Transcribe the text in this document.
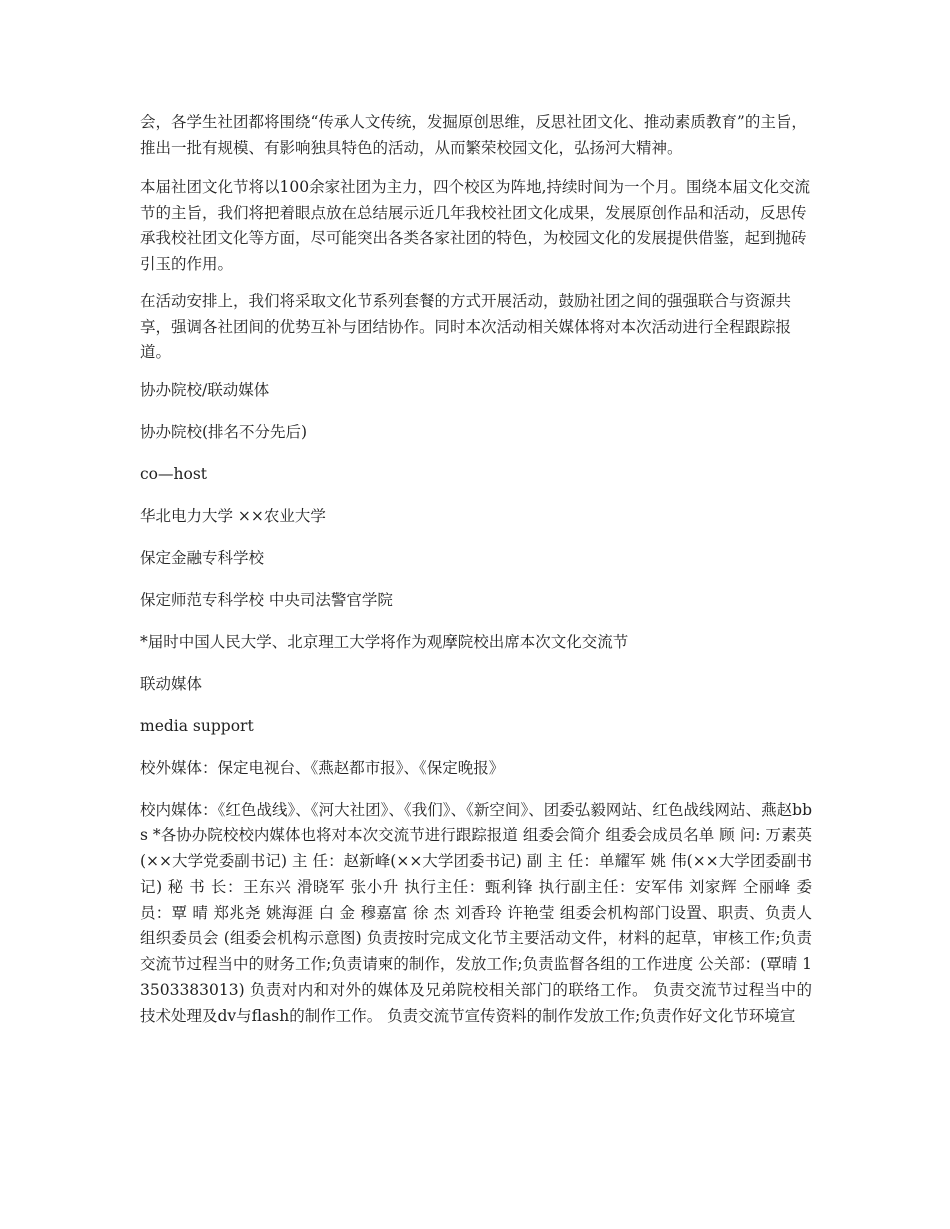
会，各学生社团都将围绕“传承人文传统，发掘原创思维，反思社团文化、推动素质教育”的主旨，推出一批有规模、有影响独具特色的活动，从而繁荣校园文化，弘扬河大精神。

本届社团文化节将以100余家社团为主力，四个校区为阵地,持续时间为一个月。围绕本届文化交流节的主旨，我们将把着眼点放在总结展示近几年我校社团文化成果，发展原创作品和活动，反思传承我校社团文化等方面，尽可能突出各类各家社团的特色，为校园文化的发展提供借鉴，起到抛砖引玉的作用。

在活动安排上，我们将采取文化节系列套餐的方式开展活动，鼓励社团之间的强强联合与资源共享，强调各社团间的优势互补与团结协作。同时本次活动相关媒体将对本次活动进行全程跟踪报道。

协办院校/联动媒体
协办院校(排名不分先后)
co—host
华北电力大学 ××农业大学
保定金融专科学校
保定师范专科学校 中央司法警官学院
*届时中国人民大学、北京理工大学将作为观摩院校出席本次文化交流节
联动媒体
media support
校外媒体：保定电视台、《燕赵都市报》、《保定晚报》

校内媒体：《红色战线》、《河大社团》、《我们》、《新空间》、团委弘毅网站、红色战线网站、燕赵bbs *各协办院校校内媒体也将对本次交流节进行跟踪报道 组委会简介 组委会成员名单 顾 问: 万素英(××大学党委副书记) 主 任：赵新峰(××大学团委书记) 副 主 任：单耀军 姚 伟(××大学团委副书记) 秘 书 长：王东兴 滑晓军 张小升 执行主任：甄利锋 执行副主任：安军伟 刘家辉 仝丽峰 委 员：覃 晴 郑兆尧 姚海涯 白 金 穆嘉富 徐 杰 刘香玲 许艳莹 组委会机构部门设置、职责、负责人 组织委员会 (组委会机构示意图) 负责按时完成文化节主要活动文件，材料的起草，审核工作;负责交流节过程当中的财务工作;负责请柬的制作，发放工作;负责监督各组的工作进度 公关部：(覃晴 13503383013) 负责对内和对外的媒体及兄弟院校相关部门的联络工作。 负责交流节过程当中的技术处理及dv与flash的制作工作。 负责交流节宣传资料的制作发放工作;负责作好文化节环境宣
